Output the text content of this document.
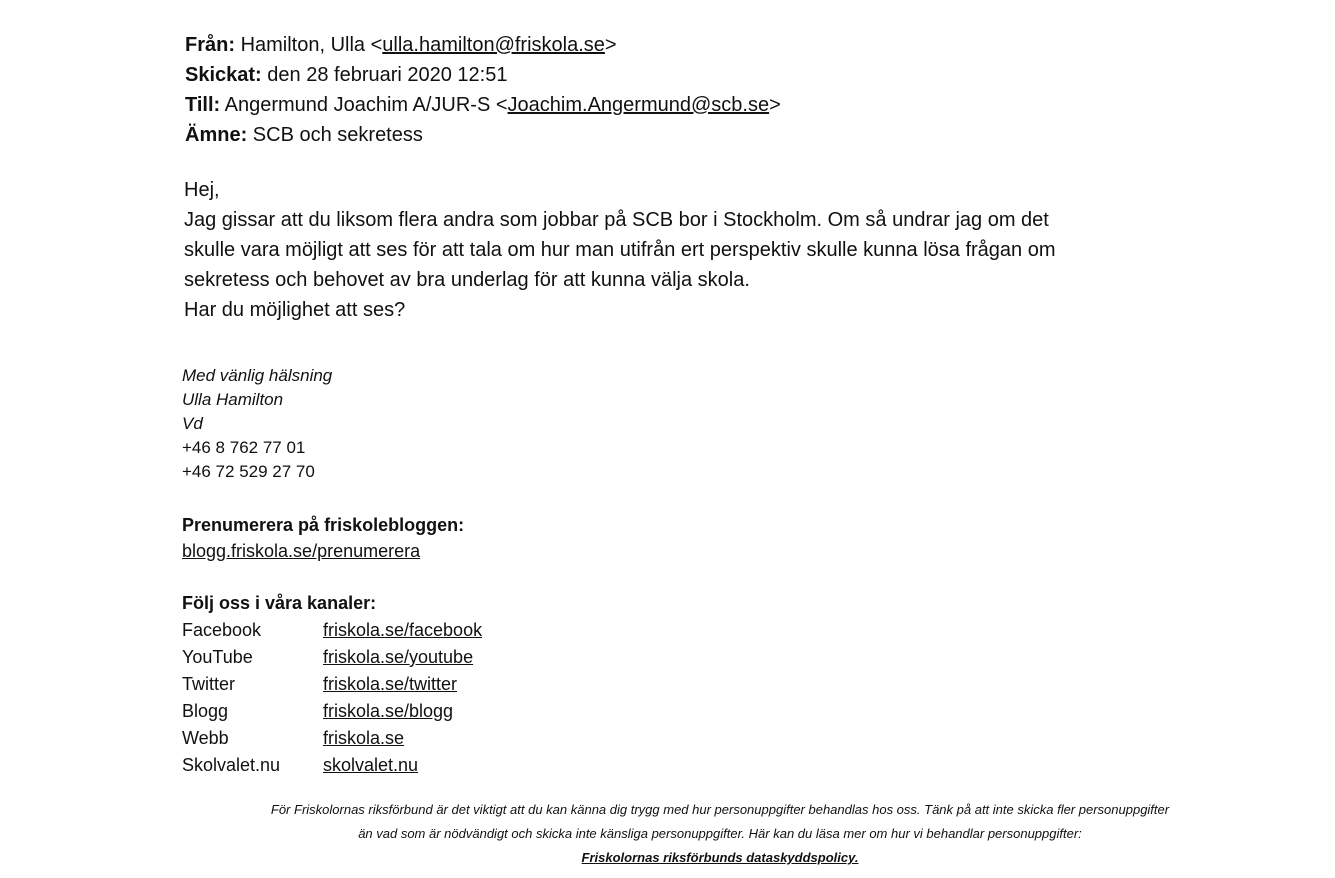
Från: Hamilton, Ulla <ulla.hamilton@friskola.se>
Skickat: den 28 februari 2020 12:51
Till: Angermund Joachim A/JUR-S <Joachim.Angermund@scb.se>
Ämne: SCB och sekretess

Hej,

Jag gissar att du liksom flera andra som jobbar på SCB bor i Stockholm. Om så undrar jag om det

skulle vara möjligt att ses för att tala om hur man utifrån ert perspektiv skulle kunna lösa frågan om

sekretess och behovet av bra underlag för att kunna välja skola.

Har du möjlighet att ses?

Med vänlig hälsning
Ulla Hamilton
Vd
+46 8 762 77 01
+46 72 529 27 70
Prenumerera på friskolebloggen:
blogg.friskola.se/prenumerera
Följ oss i våra kanaler:
Facebook	friskola.se/facebook
YouTube	friskola.se/youtube
Twitter	friskola.se/twitter
Blogg	friskola.se/blogg
Webb	friskola.se
Skolvalet.nu	skolvalet.nu
För Friskolornas riksförbund är det viktigt att du kan känna dig trygg med hur personuppgifter behandlas hos oss. Tänk på att inte skicka fler personuppgifter
än vad som är nödvändigt och skicka inte känsliga personuppgifter. Här kan du läsa mer om hur vi behandlar personuppgifter:
Friskolornas riksförbunds dataskyddspolicy.
